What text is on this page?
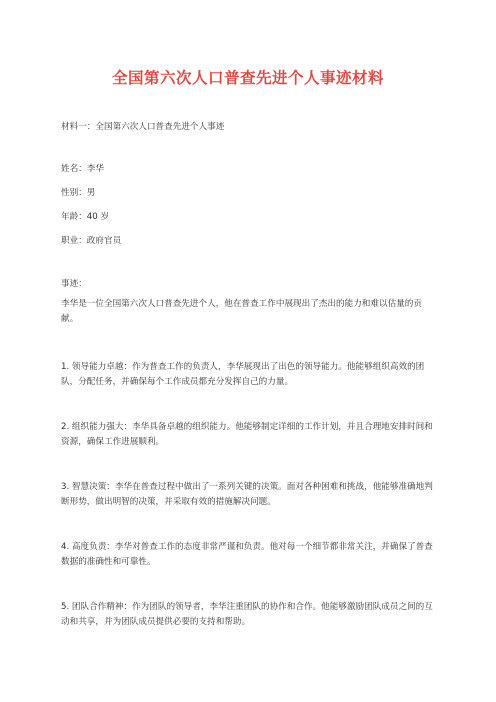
全国第六次人口普查先进个人事迹材料
材料一：全国第六次人口普查先进个人事迹
姓名：李华
性别：男
年龄：40 岁
职业：政府官员
事迹：
李华是一位全国第六次人口普查先进个人，他在普查工作中展现出了杰出的能力和难以估量的贡献。
1. 领导能力卓越：作为普查工作的负责人，李华展现出了出色的领导能力。他能够组织高效的团队，分配任务，并确保每个工作成员都充分发挥自己的力量。
2. 组织能力强大：李华具备卓越的组织能力。他能够制定详细的工作计划，并且合理地安排时间和资源，确保工作进展顺利。
3. 智慧决策：李华在普查过程中做出了一系列关键的决策。面对各种困难和挑战，他能够准确地判断形势，做出明智的决策，并采取有效的措施解决问题。
4. 高度负责：李华对普查工作的态度非常严谨和负责。他对每一个细节都非常关注，并确保了普查数据的准确性和可靠性。
5. 团队合作精神：作为团队的领导者，李华注重团队的协作和合作。他能够激励团队成员之间的互动和共享，并为团队成员提供必要的支持和帮助。
